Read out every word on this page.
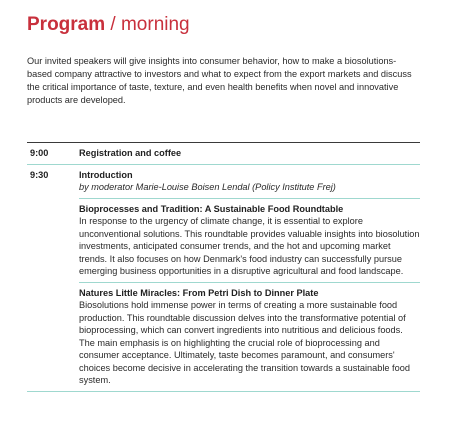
Program / morning
Our invited speakers will give insights into consumer behavior, how to make a biosolutions-based company attractive to investors and what to expect from the export markets and discuss the critical importance of taste, texture, and even health benefits when novel and innovative products are developed.
9:00	Registration and coffee
9:30	Introduction
by moderator Marie-Louise Boisen Lendal (Policy Institute Frej)
Bioprocesses and Tradition: A Sustainable Food Roundtable
In response to the urgency of climate change, it is essential to explore unconventional solutions. This roundtable provides valuable insights into biosolution investments, anticipated consumer trends, and the hot and upcoming market trends. It also focuses on how Denmark's food industry can successfully pursue emerging business opportunities in a disruptive agricultural and food landscape.
Natures Little Miracles: From Petri Dish to Dinner Plate
Biosolutions hold immense power in terms of creating a more sustainable food production. This roundtable discussion delves into the transformative potential of bioprocessing, which can convert ingredients into nutritious and delicious foods. The main emphasis is on highlighting the crucial role of bioprocessing and consumer acceptance. Ultimately, taste becomes paramount, and consumers' choices become decisive in accelerating the transition towards a sustainable food system.
